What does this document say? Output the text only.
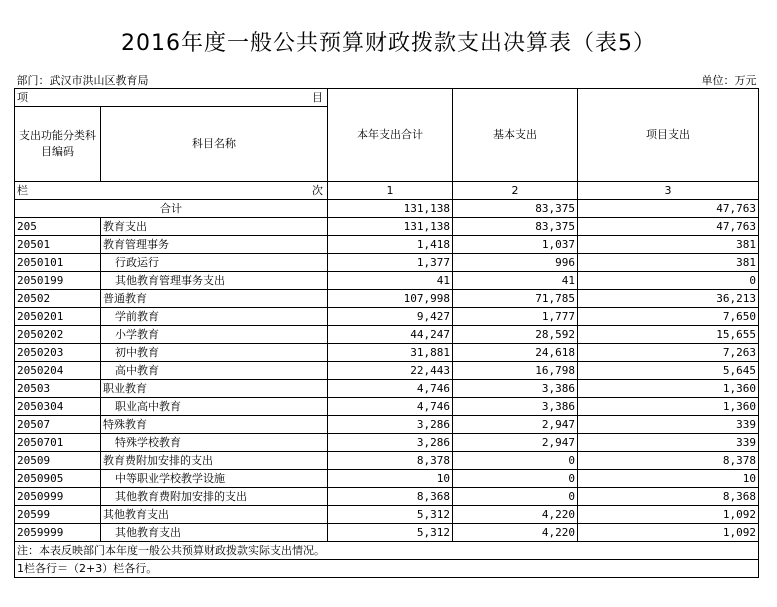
2016年度一般公共预算财政拨款支出决算表（表5）
部门：武汉市洪山区教育局				单位：万元

项 目		本年支出合计	基本支出	项目支出
支出功能分类科目编码	科目名称			

栏 次		1	2	3
合计		131,138	83,375	47,763
205	教育支出	131,138	83,375	47,763
20501	教育管理事务	1,418	1,037	381
2050101	行政运行	1,377	996	381
2050199	其他教育管理事务支出	41	41	0
20502	普通教育	107,998	71,785	36,213
2050201	学前教育	9,427	1,777	7,650
2050202	小学教育	44,247	28,592	15,655
2050203	初中教育	31,881	24,618	7,263
2050204	高中教育	22,443	16,798	5,645
20503	职业教育	4,746	3,386	1,360
2050304	职业高中教育	4,746	3,386	1,360
20507	特殊教育	3,286	2,947	339
2050701	特殊学校教育	3,286	2,947	339
20509	教育费附加安排的支出	8,378	0	8,378
2050905	中等职业学校教学设施	10	0	10
2050999	其他教育费附加安排的支出	8,368	0	8,368
20599	其他教育支出	5,312	4,220	1,092
2059999	其他教育支出	5,312	4,220	1,092
注：本表反映部门本年度一般公共预算财政拨款实际支出情况。				
1栏各行＝（2+3）栏各行。				
